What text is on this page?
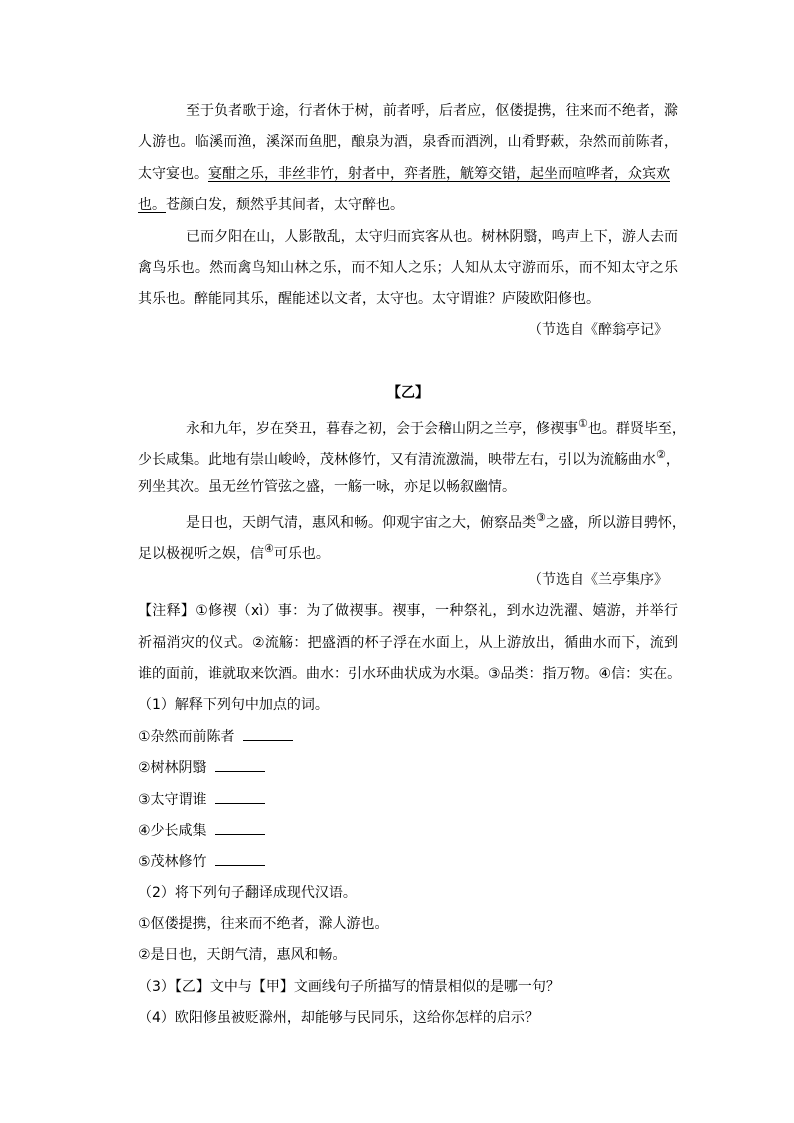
至于负者歌于途，行者休于树，前者呼，后者应，伛偻提携，往来而不绝者，滁
人游也。临溪而渔，溪深而鱼肥，酿泉为酒，泉香而酒洌，山肴野蔌，杂然而前陈者，
太守宴也。宴酣之乐，非丝非竹，射者中，弈者胜，觥筹交错，起坐而喧哗者，众宾欢
也。苍颜白发，颓然乎其间者，太守醉也。
已而夕阳在山，人影散乱，太守归而宾客从也。树林阴翳，鸣声上下，游人去而
禽鸟乐也。然而禽鸟知山林之乐，而不知人之乐；人知从太守游而乐，而不知太守之乐
其乐也。醉能同其乐，醒能述以文者，太守也。太守谓谁？庐陵欧阳修也。
（节选自《醉翁亭记》
【乙】
永和九年，岁在癸丑，暮春之初，会于会稽山阴之兰亭，修禊事①也。群贤毕至，
少长咸集。此地有崇山峻岭，茂林修竹，又有清流激湍，映带左右，引以为流觞曲水②，
列坐其次。虽无丝竹管弦之盛，一觞一咏，亦足以畅叙幽情。
是日也，天朗气清，惠风和畅。仰观宇宙之大，俯察品类③之盛，所以游目骋怀，
足以极视听之娱，信④可乐也。
（节选自《兰亭集序》
【注释】①修禊（xì）事：为了做禊事。禊事，一种祭礼，到水边洗濯、嬉游，并举行
祈福消灾的仪式。②流觞：把盛酒的杯子浮在水面上，从上游放出，循曲水而下，流到
谁的面前，谁就取来饮酒。曲水：引水环曲状成为水渠。③品类：指万物。④信：实在。
（1）解释下列句中加点的词。
①杂然而前陈者
②树林阴翳
③太守谓谁
④少长咸集
⑤茂林修竹
（2）将下列句子翻译成现代汉语。
①伛偻提携，往来而不绝者，滁人游也。
②是日也，天朗气清，惠风和畅。
（3）【乙】文中与【甲】文画线句子所描写的情景相似的是哪一句？
（4）欧阳修虽被贬滁州，却能够与民同乐，这给你怎样的启示？
